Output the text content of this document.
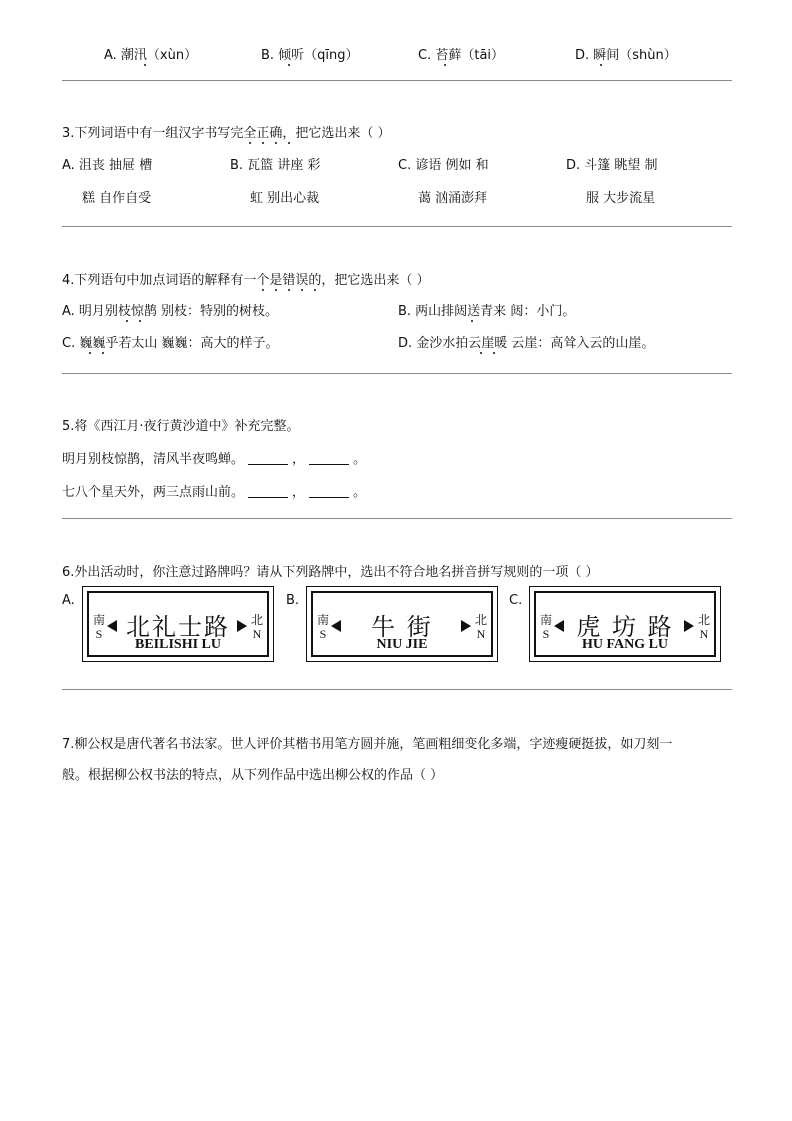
A. 潮汛（xùn）	B. 倾听（qīng）	C. 苔藓（tāi）	D. 瞬间（shùn）
3.下列词语中有一组汉字书写完全正确，把它选出来（ ）
A. 沮丧 抽屉 槽
糕 自作自受
B. 瓦篮 讲座 彩
虹 别出心裁
C. 谚语 例如 和
蔼 汹涌澎拜
D. 斗篷 眺望 制
服 大步流星
4.下列语句中加点词语的解释有一个是错误的，把它选出来（ ）
A. 明月别枝惊鹊 别枝：特别的树枝。	B. 两山排闼送青来 闼：小门。
C. 巍巍乎若太山 巍巍：高大的样子。	D. 金沙水拍云崖暖 云崖：高耸入云的山崖。
5.将《西江月·夜行黄沙道中》补充完整。
明月别枝惊鹊，清风半夜鸣蝉。	，	。
七八个星天外，两三点雨山前。	，	。
6.外出活动时，你注意过路牌吗？请从下列路牌中，选出不符合地名拼音拼写规则的一项（ ）
A.
南
S 北礼士路
BEILISHI LU
北
N
B.
南
S	牛 街
NIU JIE
北
N
C.
南
S	虎 坊 路
HU FANG LU
北
N
7.柳公权是唐代著名书法家。世人评价其楷书用笔方圆并施，笔画粗细变化多端，字迹瘦硬挺拔，如刀刻一
般。根据柳公权书法的特点，从下列作品中选出柳公权的作品（ ）
